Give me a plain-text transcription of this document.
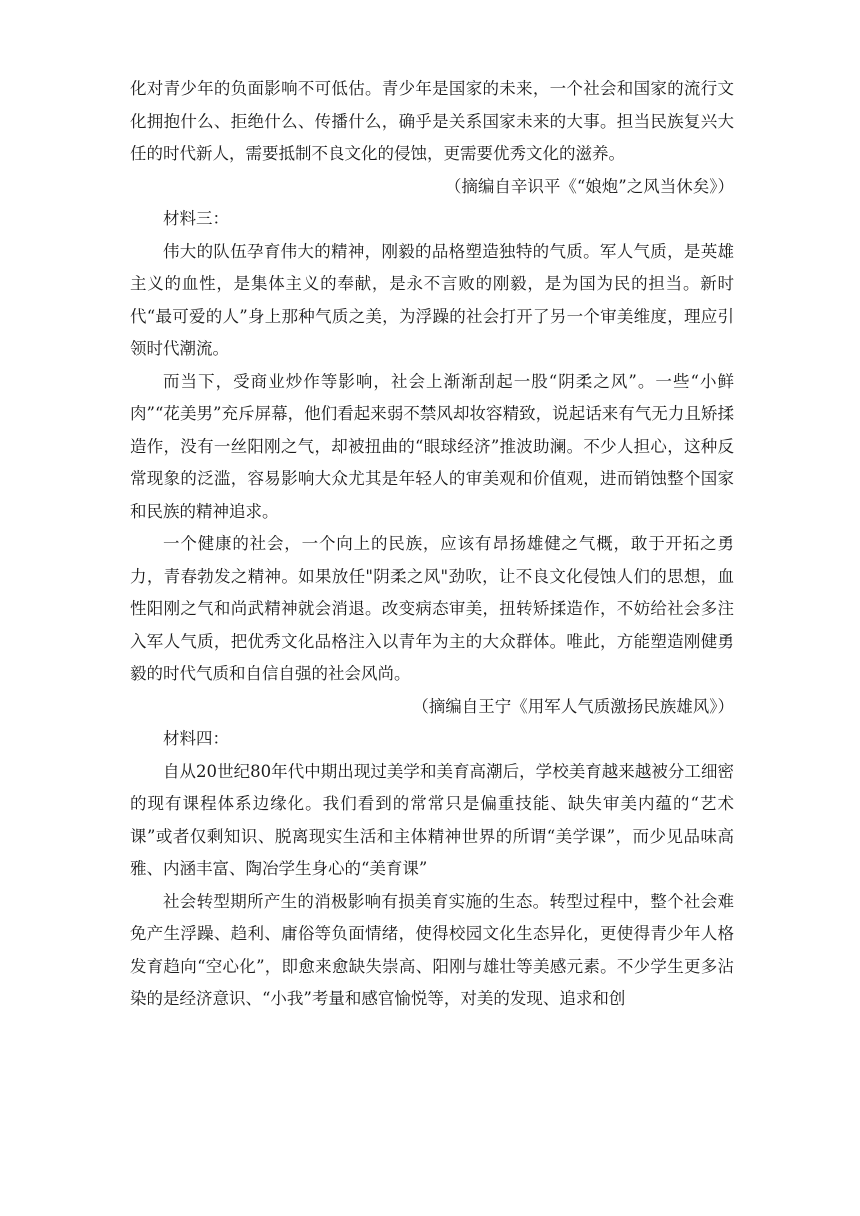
化对青少年的负面影响不可低估。青少年是国家的未来，一个社会和国家的流行文化拥抱什么、拒绝什么、传播什么，确乎是关系国家未来的大事。担当民族复兴大任的时代新人，需要抵制不良文化的侵蚀，更需要优秀文化的滋养。

（摘编自辛识平《“娘炮”之风当休矣》）

材料三：

伟大的队伍孕育伟大的精神，刚毅的品格塑造独特的气质。军人气质，是英雄主义的血性，是集体主义的奉献，是永不言败的刚毅，是为国为民的担当。新时代“最可爱的人”身上那种气质之美，为浮躁的社会打开了另一个审美维度，理应引领时代潮流。

而当下，受商业炒作等影响，社会上渐渐刮起一股“阴柔之风”。一些“小鲜肉”“花美男”充斥屏幕，他们看起来弱不禁风却妆容精致，说起话来有气无力且矫揉造作，没有一丝阳刚之气，却被扭曲的“眼球经济”推波助澜。不少人担心，这种反常现象的泛滥，容易影响大众尤其是年轻人的审美观和价值观，进而销蚀整个国家和民族的精神追求。

一个健康的社会，一个向上的民族，应该有昂扬雄健之气概，敢于开拓之勇力，青春勃发之精神。如果放任"阴柔之风"劲吹，让不良文化侵蚀人们的思想，血性阳刚之气和尚武精神就会消退。改变病态审美，扭转矫揉造作，不妨给社会多注入军人气质，把优秀文化品格注入以青年为主的大众群体。唯此，方能塑造刚健勇毅的时代气质和自信自强的社会风尚。

（摘编自王宁《用军人气质激扬民族雄风》）

材料四：

自从20世纪80年代中期出现过美学和美育高潮后，学校美育越来越被分工细密的现有课程体系边缘化。我们看到的常常只是偏重技能、缺失审美内蕴的“艺术课”或者仅剩知识、脱离现实生活和主体精神世界的所谓“美学课”，而少见品味高雅、内涵丰富、陶冶学生身心的“美育课”

社会转型期所产生的消极影响有损美育实施的生态。转型过程中，整个社会难免产生浮躁、趋利、庸俗等负面情绪，使得校园文化生态异化，更使得青少年人格发育趋向“空心化”，即愈来愈缺失崇高、阳刚与雄壮等美感元素。不少学生更多沾染的是经济意识、“小我”考量和感官愉悦等，对美的发现、追求和创
